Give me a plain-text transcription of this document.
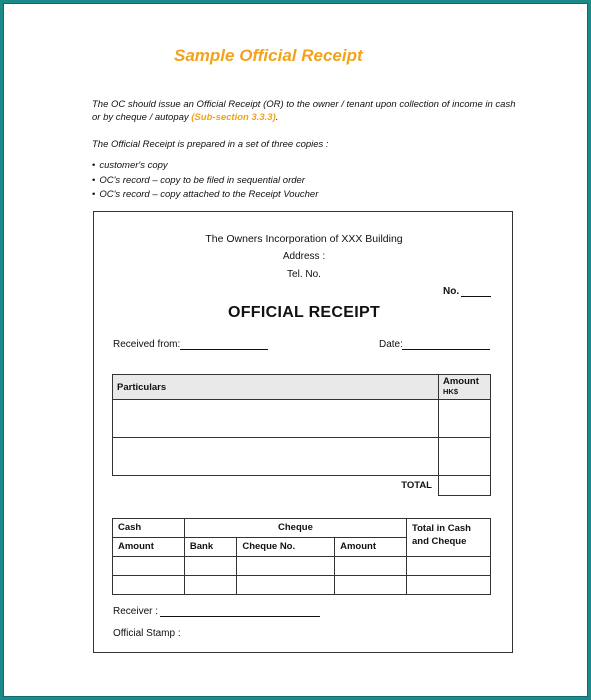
Sample Official Receipt
The OC should issue an Official Receipt (OR) to the owner / tenant upon collection of income in cash or by cheque / autopay (Sub-section 3.3.3).
The Official Receipt is prepared in a set of three copies :
• customer's copy
• OC's record – copy to be filed in sequential order
• OC's record – copy attached to the Receipt Voucher
The Owners Incorporation of XXX Building
Address :
Tel. No.
No.
OFFICIAL RECEIPT
Received from:	Date:
Particulars	Amount
HK$

TOTAL	
Cash	Cheque			Total in Cash and Cheque
Amount	Bank	Cheque No.	Amount	

Receiver :
Official Stamp :
